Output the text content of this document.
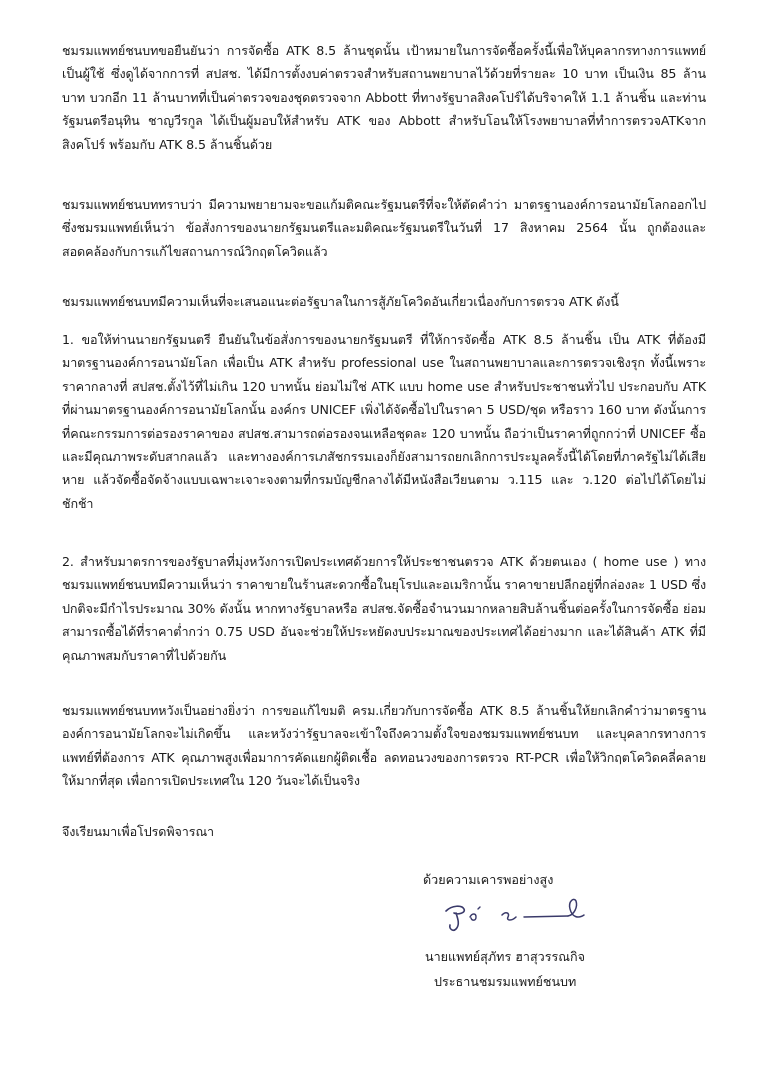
ชมรมแพทย์ชนบทขอยืนยันว่า การจัดซื้อ ATK 8.5 ล้านชุดนั้น เป้าหมายในการจัดซื้อครั้งนี้เพื่อให้บุคลากรทางการแพทย์เป็นผู้ใช้ ซึ่งดูได้จากการที่ สปสช. ได้มีการตั้งงบค่าตรวจสำหรับสถานพยาบาลไว้ด้วยที่รายละ 10 บาท เป็นเงิน 85 ล้านบาท บวกอีก 11 ล้านบาทที่เป็นค่าตรวจของชุดตรวจจาก Abbott ที่ทางรัฐบาลสิงคโปร์ได้บริจาคให้ 1.1 ล้านชิ้น และท่านรัฐมนตรีอนุทิน ชาญวีรกูล ได้เป็นผู้มอบให้สำหรับ ATK ของ Abbott สำหรับโอนให้โรงพยาบาลที่ทำการตรวจATKจากสิงคโปร์ พร้อมกับ ATK 8.5 ล้านชิ้นด้วย

ชมรมแพทย์ชนบททราบว่า มีความพยายามจะขอแก้มติคณะรัฐมนตรีที่จะให้ตัดคำว่า มาตรฐานองค์การอนามัยโลกออกไป ซึ่งชมรมแพทย์เห็นว่า ข้อสั่งการของนายกรัฐมนตรีและมติคณะรัฐมนตรีในวันที่ 17 สิงหาคม 2564 นั้น ถูกต้องและสอดคล้องกับการแก้ไขสถานการณ์วิกฤตโควิดแล้ว

ชมรมแพทย์ชนบทมีความเห็นที่จะเสนอแนะต่อรัฐบาลในการสู้ภัยโควิดอันเกี่ยวเนื่องกับการตรวจ ATK ดังนี้

1. ขอให้ท่านนายกรัฐมนตรี ยืนยันในข้อสั่งการของนายกรัฐมนตรี ที่ให้การจัดซื้อ ATK 8.5 ล้านชิ้น เป็น ATK ที่ต้องมีมาตรฐานองค์การอนามัยโลก เพื่อเป็น ATK สำหรับ professional use ในสถานพยาบาลและการตรวจเชิงรุก ทั้งนี้เพราะราคากลางที่ สปสช.ตั้งไว้ที่ไม่เกิน 120 บาทนั้น ย่อมไม่ใช่ ATK แบบ home use สำหรับประชาชนทั่วไป ประกอบกับ ATK ที่ผ่านมาตรฐานองค์การอนามัยโลกนั้น องค์กร UNICEF เพิ่งได้จัดซื้อไปในราคา 5 USD/ชุด หรือราว 160 บาท ดังนั้นการที่คณะกรรมการต่อรองราคาของ สปสช.สามารถต่อรองจนเหลือชุดละ 120 บาทนั้น ถือว่าเป็นราคาที่ถูกกว่าที่ UNICEF ซื้อและมีคุณภาพระดับสากลแล้ว และทางองค์การเภสัชกรรมเองก็ยังสามารถยกเลิกการประมูลครั้งนี้ได้โดยที่ภาครัฐไม่ได้เสียหาย แล้วจัดซื้อจัดจ้างแบบเฉพาะเจาะจงตามที่กรมบัญชีกลางได้มีหนังสือเวียนตาม ว.115 และ ว.120 ต่อไปได้โดยไม่ชักช้า

2. สำหรับมาตรการของรัฐบาลที่มุ่งหวังการเปิดประเทศด้วยการให้ประชาชนตรวจ ATK ด้วยตนเอง ( home use ) ทางชมรมแพทย์ชนบทมีความเห็นว่า ราคาขายในร้านสะดวกซื้อในยุโรปและอเมริกานั้น ราคาขายปลีกอยู่ที่กล่องละ 1 USD ซึ่งปกติจะมีกำไรประมาณ 30% ดังนั้น หากทางรัฐบาลหรือ สปสช.จัดซื้อจำนวนมากหลายสิบล้านชิ้นต่อครั้งในการจัดซื้อ ย่อมสามารถซื้อได้ที่ราคาต่ำกว่า 0.75 USD อันจะช่วยให้ประหยัดงบประมาณของประเทศได้อย่างมาก และได้สินค้า ATK ที่มีคุณภาพสมกับราคาที่ไปด้วยกัน

ชมรมแพทย์ชนบทหวังเป็นอย่างยิ่งว่า การขอแก้ไขมติ ครม.เกี่ยวกับการจัดซื้อ ATK 8.5 ล้านชิ้นให้ยกเลิกคำว่ามาตรฐานองค์การอนามัยโลกจะไม่เกิดขึ้น และหวังว่ารัฐบาลจะเข้าใจถึงความตั้งใจของชมรมแพทย์ชนบท และบุคลากรทางการแพทย์ที่ต้องการ ATK คุณภาพสูงเพื่อมาการคัดแยกผู้ติดเชื้อ ลดทอนวงของการตรวจ RT-PCR เพื่อให้วิกฤตโควิดคลี่คลายให้มากที่สุด เพื่อการเปิดประเทศใน 120 วันจะได้เป็นจริง

จึงเรียนมาเพื่อโปรดพิจารณา

ด้วยความเคารพอย่างสูง
นายแพทย์สุภัทร ฮาสุวรรณกิจ
ประธานชมรมแพทย์ชนบท
